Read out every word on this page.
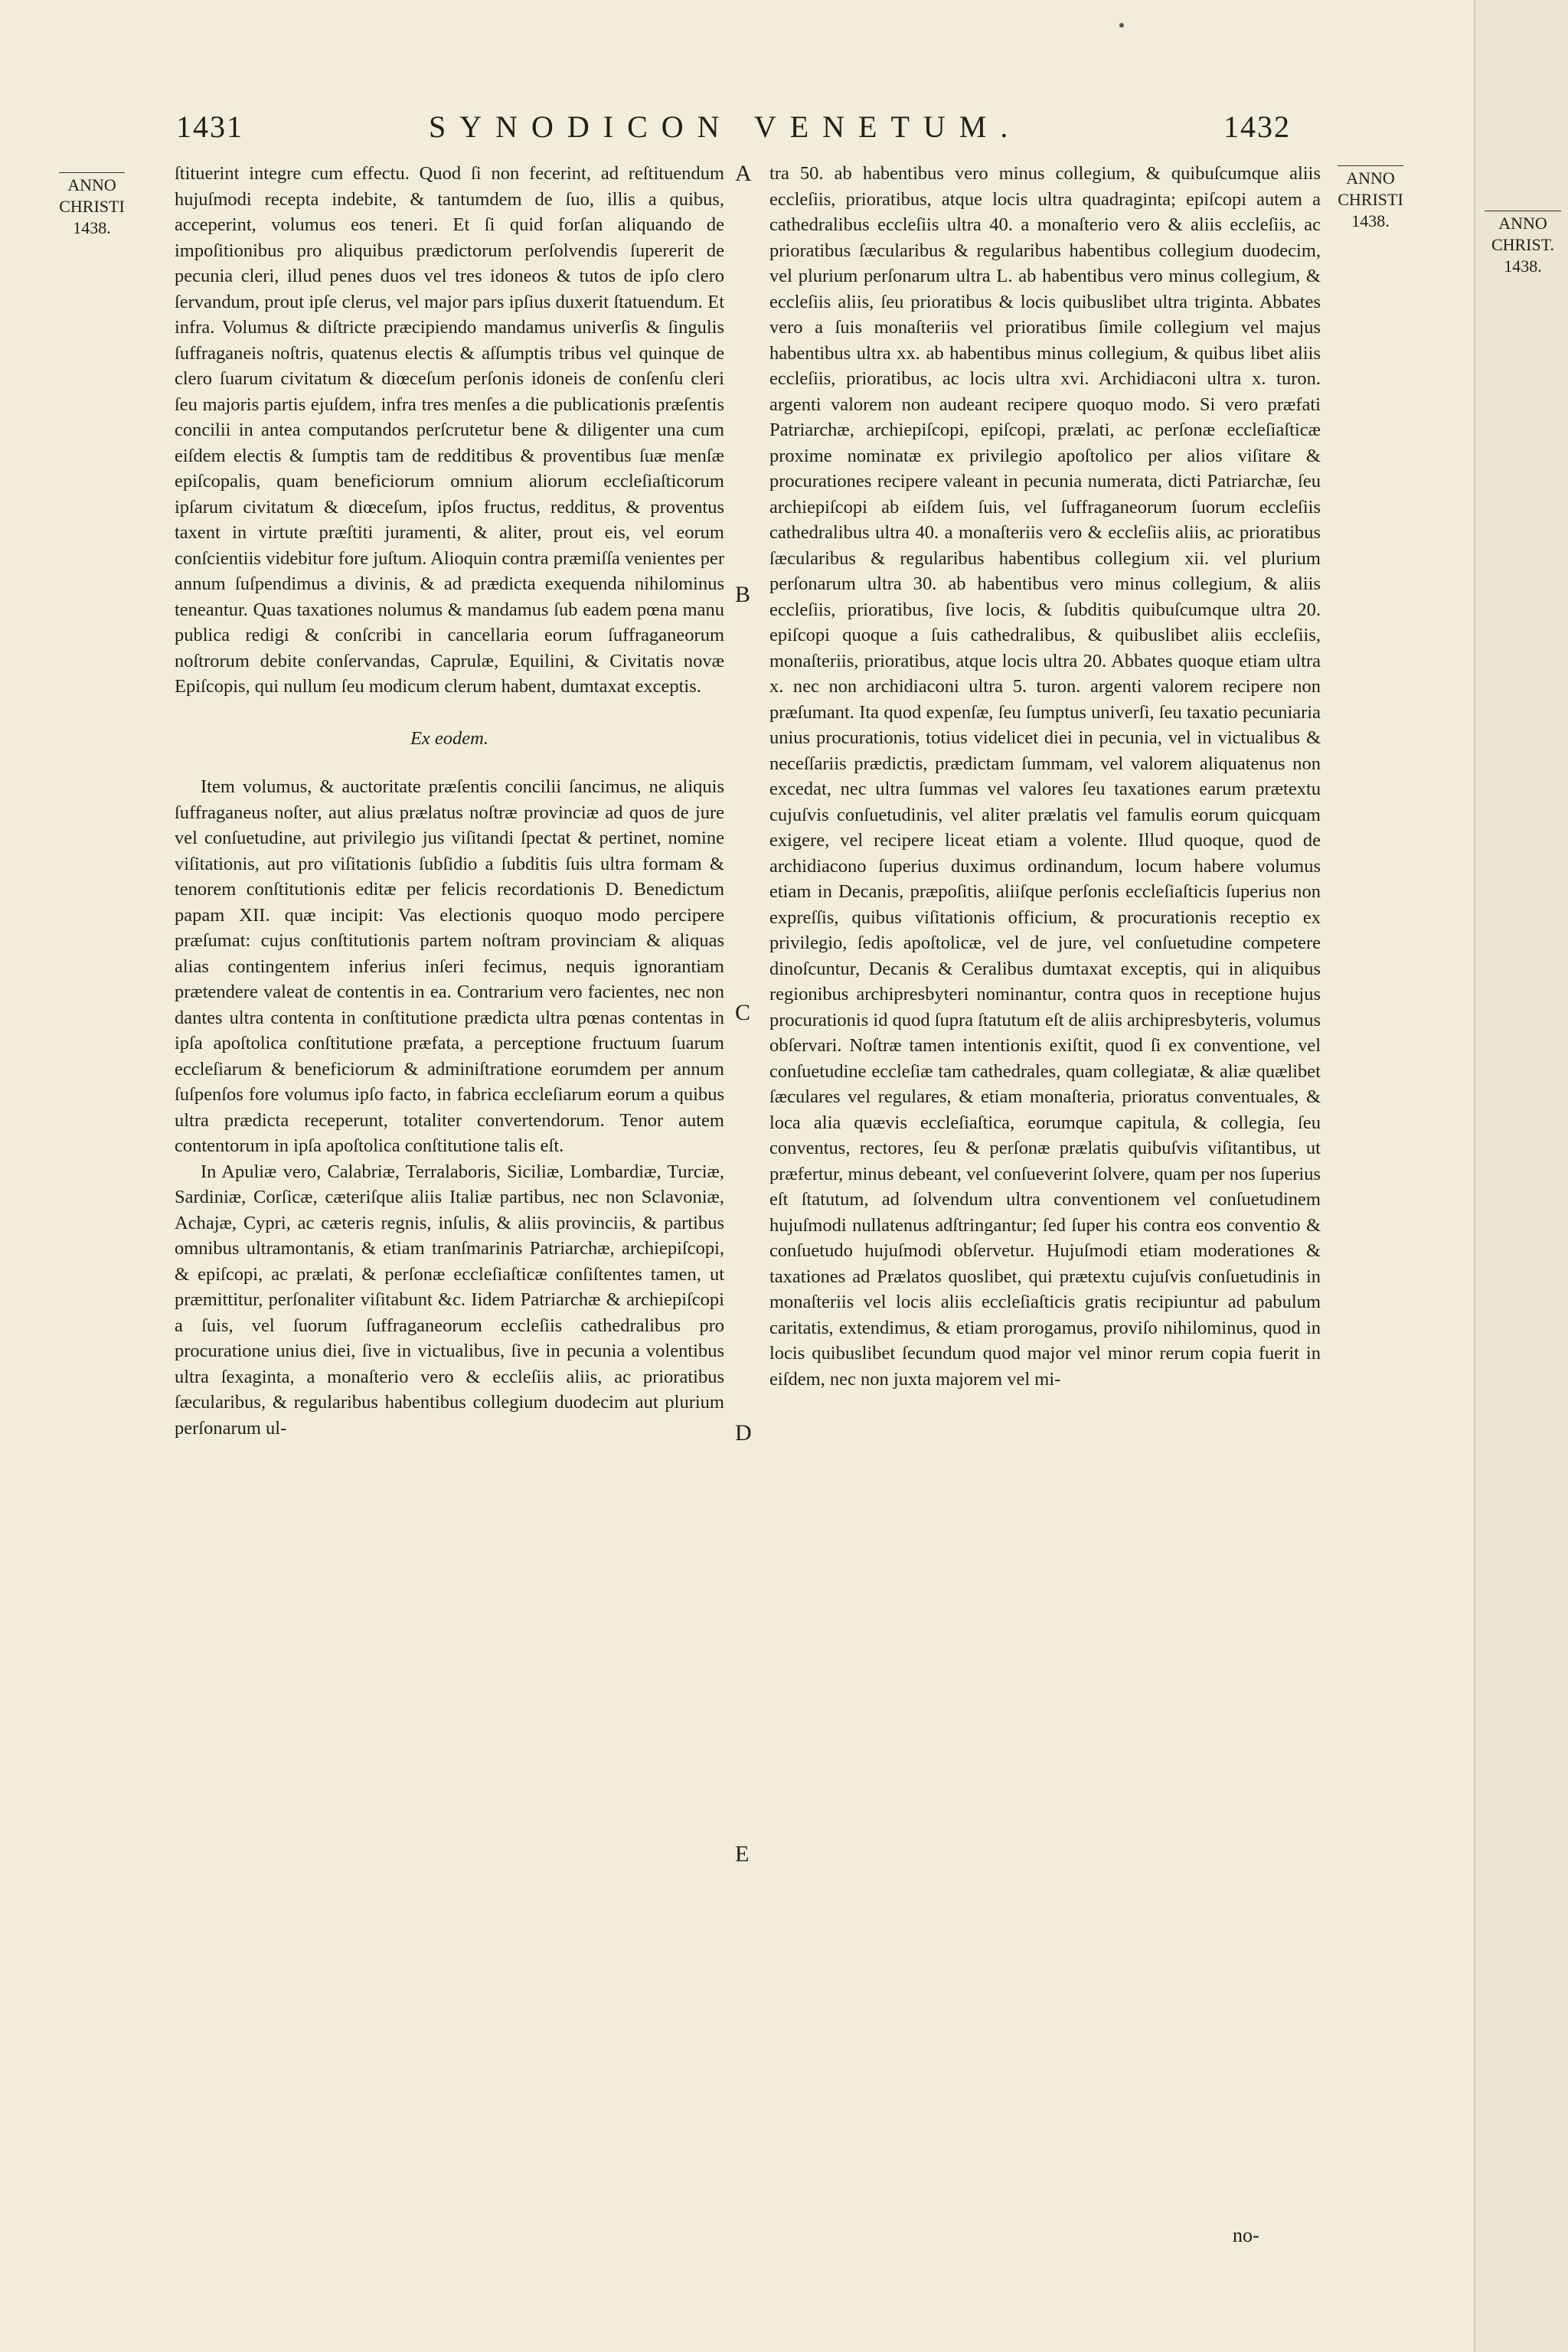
1431	SYNODICON VENETUM.	1432
ANNO
CHRISTI
1438.
ANNO
CHRISTI
1438.

ſtituerint integre cum effectu. Quod ſi non fecerint, ad reſtituendum hujuſmodi recepta indebite, & tantumdem de ſuo, illis a quibus, acceperint, volumus eos teneri. Et ſi quid forſan aliquando de impoſitionibus pro aliquibus prædictorum perſolvendis ſupererit de pecunia cleri, illud penes duos vel tres idoneos & tutos de ipſo clero ſervandum, prout ipſe clerus, vel major pars ipſius duxerit ſtatuendum. Et infra. Volumus & diſtricte præcipiendo mandamus univerſis & ſingulis ſuffraganeis noſtris, quatenus electis & aſſumptis tribus vel quinque de clero ſuarum civitatum & diœceſum perſonis idoneis de conſenſu cleri ſeu majoris partis ejuſdem, infra tres menſes a die publicationis præſentis concilii in antea computandos perſcrutetur bene & diligenter una cum eiſdem electis & ſumptis tam de redditibus & proventibus ſuæ menſæ epiſcopalis, quam beneficiorum omnium aliorum eccleſiaſticorum ipſarum civitatum & diœceſum, ipſos fructus, redditus, & proventus taxent in virtute præſtiti juramenti, & aliter, prout eis, vel eorum conſcientiis videbitur fore juſtum. Alioquin contra præmiſſa venientes per annum ſuſpendimus a divinis, & ad prædicta exequenda nihilominus teneantur. Quas taxationes nolumus & mandamus ſub eadem pœna manu publica redigi & conſcribi in cancellaria eorum ſuffraganeorum noſtrorum debite conſervandas, Caprulæ, Equilini, & Civitatis novæ Epiſcopis, qui nullum ſeu modicum clerum habent, dumtaxat exceptis.

Ex eodem.

Item volumus, & auctoritate præſentis concilii ſancimus, ne aliquis ſuffraganeus noſter, aut alius prælatus noſtræ provinciæ ad quos de jure vel conſuetudine, aut privilegio jus viſitandi ſpectat & pertinet, nomine viſitationis, aut pro viſitationis ſubſidio a ſubditis ſuis ultra formam & tenorem conſtitutionis editæ per felicis recordationis D. Benedictum papam XII. quæ incipit: Vas electionis quoquo modo percipere præſumat: cujus conſtitutionis partem noſtram provinciam & aliquas alias contingentem inferius inſeri fecimus, nequis ignorantiam prætendere valeat de contentis in ea. Contrarium vero facientes, nec non dantes ultra contenta in conſtitutione prædicta ultra pœnas contentas in ipſa apoſtolica conſtitutione præfata, a perceptione fructuum ſuarum eccleſiarum & beneficiorum & adminiſtratione eorumdem per annum ſuſpenſos fore volumus ipſo facto, in fabrica eccleſiarum eorum a quibus ultra prædicta receperunt, totaliter convertendorum. Tenor autem contentorum in ipſa apoſtolica conſtitutione talis eſt.

In Apuliæ vero, Calabriæ, Terralaboris, Siciliæ, Lombardiæ, Turciæ, Sardiniæ, Corſicæ, cæteriſque aliis Italiæ partibus, nec non Sclavoniæ, Achajæ, Cypri, ac cæteris regnis, inſulis, & aliis provinciis, & partibus omnibus ultramontanis, & etiam tranſmarinis Patriarchæ, archiepiſcopi, & epiſcopi, ac prælati, & perſonæ eccleſiaſticæ conſiſtentes tamen, ut præmittitur, perſonaliter viſitabunt &c. Iidem Patriarchæ & archiepiſcopi a ſuis, vel ſuorum ſuffraganeorum eccleſiis cathedralibus pro procuratione unius diei, ſive in victualibus, ſive in pecunia a volentibus ultra ſexaginta, a monaſterio vero & eccleſiis aliis, ac prioratibus ſæcularibus, & regularibus habentibus collegium duodecim aut plurium perſonarum ul-

A
B
C
D
E

tra 50. ab habentibus vero minus collegium, & quibuſcumque aliis eccleſiis, prioratibus, atque locis ultra quadraginta; epiſcopi autem a cathedralibus eccleſiis ultra 40. a monaſterio vero & aliis eccleſiis, ac prioratibus ſæcularibus & regularibus habentibus collegium duodecim, vel plurium perſonarum ultra L. ab habentibus vero minus collegium, & eccleſiis aliis, ſeu prioratibus & locis quibuslibet ultra triginta. Abbates vero a ſuis monaſteriis vel prioratibus ſimile collegium vel majus habentibus ultra xx. ab habentibus minus collegium, & quibus libet aliis eccleſiis, prioratibus, ac locis ultra xvi. Archidiaconi ultra x. turon. argenti valorem non audeant recipere quoquo modo. Si vero præfati Patriarchæ, archiepiſcopi, epiſcopi, prælati, ac perſonæ eccleſiaſticæ proxime nominatæ ex privilegio apoſtolico per alios viſitare & procurationes recipere valeant in pecunia numerata, dicti Patriarchæ, ſeu archiepiſcopi ab eiſdem ſuis, vel ſuffraganeorum ſuorum eccleſiis cathedralibus ultra 40. a monaſteriis vero & eccleſiis aliis, ac prioratibus ſæcularibus & regularibus habentibus collegium xii. vel plurium perſonarum ultra 30. ab habentibus vero minus collegium, & aliis eccleſiis, prioratibus, ſive locis, & ſubditis quibuſcumque ultra 20. epiſcopi quoque a ſuis cathedralibus, & quibuslibet aliis eccleſiis, monaſteriis, prioratibus, atque locis ultra 20. Abbates quoque etiam ultra x. nec non archidiaconi ultra 5. turon. argenti valorem recipere non præſumant. Ita quod expenſæ, ſeu ſumptus univerſi, ſeu taxatio pecuniaria unius procurationis, totius videlicet diei in pecunia, vel in victualibus & neceſſariis prædictis, prædictam ſummam, vel valorem aliquatenus non excedat, nec ultra ſummas vel valores ſeu taxationes earum prætextu cujuſvis conſuetudinis, vel aliter prælatis vel famulis eorum quicquam exigere, vel recipere liceat etiam a volente. Illud quoque, quod de archidiacono ſuperius duximus ordinandum, locum habere volumus etiam in Decanis, præpoſitis, aliiſque perſonis eccleſiaſticis ſuperius non expreſſis, quibus viſitationis officium, & procurationis receptio ex privilegio, ſedis apoſtolicæ, vel de jure, vel conſuetudine competere dinoſcuntur, Decanis & Ceralibus dumtaxat exceptis, qui in aliquibus regionibus archipresbyteri nominantur, contra quos in receptione hujus procurationis id quod ſupra ſtatutum eſt de aliis archipresbyteris, volumus obſervari. Noſtræ tamen intentionis exiſtit, quod ſi ex conventione, vel conſuetudine eccleſiæ tam cathedrales, quam collegiatæ, & aliæ quælibet ſæculares vel regulares, & etiam monaſteria, prioratus conventuales, & loca alia quævis eccleſiaſtica, eorumque capitula, & collegia, ſeu conventus, rectores, ſeu & perſonæ prælatis quibuſvis viſitantibus, ut præfertur, minus debeant, vel conſueverint ſolvere, quam per nos ſuperius eſt ſtatutum, ad ſolvendum ultra conventionem vel conſuetudinem hujuſmodi nullatenus adſtringantur; ſed ſuper his contra eos conventio & conſuetudo hujuſmodi obſervetur. Hujuſmodi etiam moderationes & taxationes ad Prælatos quoslibet, qui prætextu cujuſvis conſuetudinis in monaſteriis vel locis aliis eccleſiaſticis gratis recipiuntur ad pabulum caritatis, extendimus, & etiam prorogamus, proviſo nihilominus, quod in locis quibuslibet ſecundum quod major vel minor rerum copia fuerit in eiſdem, nec non juxta majorem vel mi-

no-
ANNO
CHRIST.
1438.
